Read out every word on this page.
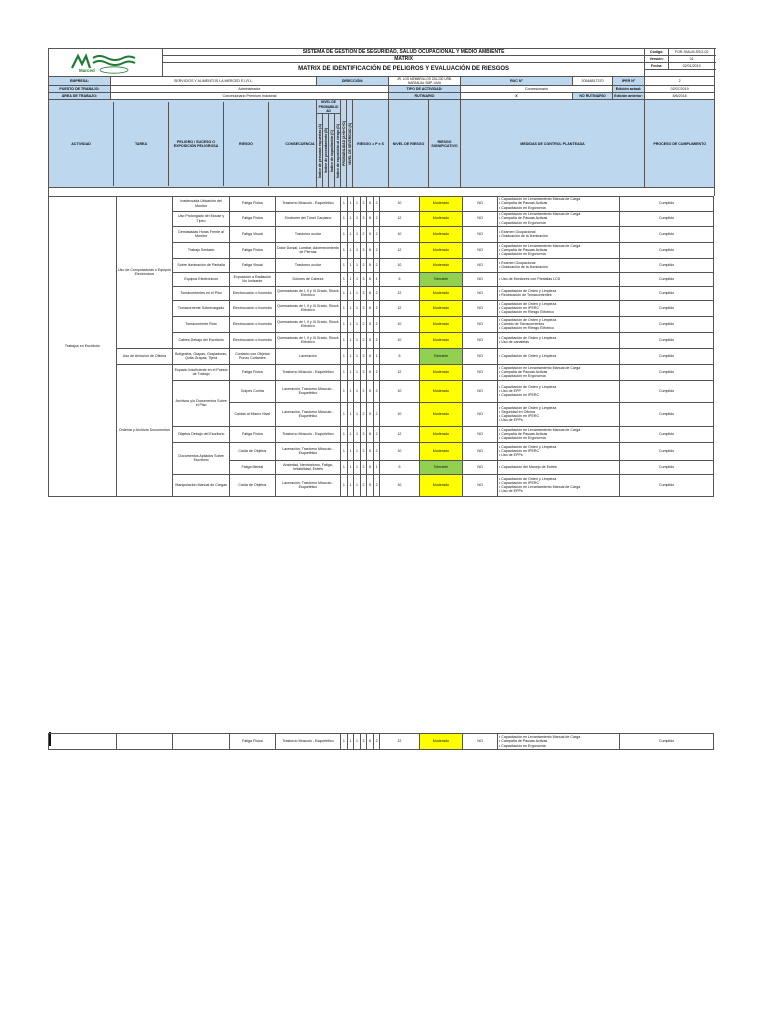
Marced
	SISTEMA DE GESTION DE SEGURIDAD, SALUD OCUPACIONAL Y MEDIO AMBIENTE	Código:	FOR-SIALM-SSO-02
MATRIX	Versión:	01
MATRIX DE IDENTIFICACIÓN DE PELIGROS Y EVALUACIÓN DE RIESGOS	Fecha:	02/01/2019

EMPRESA:	SERVICIOS Y ALIMENTOS LA MERCED E.I.R.L.	DIRECCIÓN:	JR. LOS MEMBRILLOS 226-230 URB. NARANJAL SMP. LIMA	RUC N°	20548817370	IPER N°	2
PUESTO DE TRABAJO:	Administrador	TIPO DE ACTIVIDAD:	Concesionario	Edición actual:	02/07/2019
ÁREA DE TRABAJO:	Concesionario Premium Industrial	RUTINARIO	X	NO RUTINARIO	Edición anterior:	8/6/2018

ACTIVIDAD	TAREA	PELIGRO / SUCESO O EXPOSICIÓN PELIGROSA	RIESGO	CONSECUENCIA
	NIVEL DE PROBABILIDAD	
PROBABILIDAD (A+B+C+D)	NIVEL DE SEVERIDAD (S)	RIESGO = P x S	NIVEL DE RIESGO	RIESGO SIGNIFICATIVO	MEDIDAS DE CONTROL PLANTEADA	PROCESO DE CUMPLIMIENTO

Índice de personas expuestas (A)	Índice de procedimiento (B)	Índice de capacitación (C)	Índice de exposición al riesgo (D)

Trabajos en Escritorio	Uso de Computadoras o Equipos Electrónicos	Inadecuada Ubicación del Monitor	Fatiga Física	Trastorno Músculo - Esquelético	1	1	1	2	5	2	10	Moderado	NO	• Capacitación en Levantamiento Manual de Carga
• Campaña de Pausas Activas
• Capacitación en Ergonomía	Cumplido
		Uso Prolongado del Mouse y Tipeo	Fatiga Física	Síndrome del Túnel Carpiano	1	1	1	3	6	2	12	Moderado	NO	• Capacitación en Levantamiento Manual de Carga
• Campaña de Pausas Activas
• Capacitación en Ergonomía	Cumplido
		Demasiadas Horas Frente al Monitor	Fatiga Visual	Trastorno ocular	1	1	1	2	5	2	10	Moderado	NO	• Examen Ocupacional
• Graduación de la Iluminación	Cumplido
		Trabajo Sentado	Fatiga Física	Dolor Dorsal, Lumbar, Adormecimiento de Piernas	1	1	1	3	6	2	12	Moderado	NO	• Capacitación en Levantamiento Manual de Carga
• Campaña de Pausas Activas
• Capacitación en Ergonomía	Cumplido
		Sobre iluminación de Pantalla	Fatiga Visual	Trastorno ocular	1	1	1	2	5	2	10	Moderado	NO	• Examen Ocupacional
• Graduación de la Iluminación	Cumplido
		Equipos Electrónicos	Exposición a Radiación No Ionizante	Dolores de Cabeza	1	1	1	3	6	1	6	Tolerable	NO	• Uso de Monitores con Pantallas LCD	Cumplido
		Tomacorrientes en el Piso	Electrocución o Incendio	Quemaduras de I, II y III Grado, Shock Eléctrico	1	1	1	3	6	2	12	Moderado	NO	• Capacitación de Orden y Limpieza
• Reubicación de Tomacorrientes	Cumplido
		Tomacorriente Sobrecargado	Electrocución o Incendio	Quemaduras de I, II y III Grado, Shock Eléctrico	1	1	1	3	6	2	12	Moderado	NO	• Capacitación de Orden y Limpieza
• Capacitación en IPERC
• Capacitación en Riesgo Eléctrico	Cumplido
		Tomacorriente Roto	Electrocución o Incendio	Quemaduras de I, II y III Grado, Shock Eléctrico	1	1	1	2	5	2	10	Moderado	NO	• Capacitación de Orden y Limpieza
• Cambio de Tomacorrientes
• Capacitación en Riesgo Eléctrico	Cumplido
		Cables Debajo del Escritorio	Electrocución o Incendio	Quemaduras de I, II y III Grado, Shock Eléctrico	1	1	1	2	5	2	10	Moderado	NO	• Capacitación de Orden y Limpieza
• Uso de canaletas	Cumplido
	Uso de Artículos de Oficina	Bolígrafos, Grapas, Grapadoras, Quita Grapas, Tijera	Contacto con Objetos Punzo Cortantes	Laceración	1	1	1	3	6	1	6	Tolerable	NO	• Capacitación de Orden y Limpieza	Cumplido
	Ordenar y Archivar Documentos	Espacio Insuficiente en el Puesto de Trabajo	Fatiga Física	Trastorno Músculo - Esquelético	1	1	1	3	6	2	12	Moderado	NO	• Capacitación en Levantamiento Manual de Carga
• Campaña de Pausas Activas
• Capacitación en Ergonomía	Cumplido
		Archivos y/o Documentos Sobre el Piso	Golpes Contra	Laceración, Trastorno Músculo - Esquelético	1	1	1	2	5	2	10	Moderado	NO	• Capacitación de Orden y Limpieza
• Uso de EPP
• Capacitación en IPERC	Cumplido
			Caídas al Mismo Nivel	Laceración, Trastorno Músculo - Esquelético	1	1	1	2	5	2	10	Moderado	NO	• Capacitación de Orden y Limpieza
• Seguridad en Oficina
• Capacitación en IPERC
• Uso de EPPs	Cumplido
		Objetos Debajo del Escritorio	Fatiga Física	Trastorno Músculo - Esquelético	1	1	1	3	6	2	12	Moderado	NO	• Capacitación en Levantamiento Manual de Carga
• Campaña de Pausas Activas
• Capacitación en Ergonomía	Cumplido
		Documentos Apilados Sobre Escritorio	Caída de Objetos	Laceración, Trastorno Músculo - Esquelético	1	1	1	2	5	2	10	Moderado	NO	• Capacitación de Orden y Limpieza
• Capacitación en IPERC
• Uso de EPPs	Cumplido
			Fatiga Mental	Ansiedad, Nerviosismo, Fatiga, Irritabilidad, Estrés	1	1	1	2	5	1	5	Tolerable	NO	• Capacitación del Manejo de Estrés	Cumplido
		Manipulación Manual de Cargas	Caída de Objetos	Laceración, Trastorno Músculo - Esquelético	1	1	1	2	5	2	10	Moderado	NO	• Capacitación de Orden y Limpieza
• Capacitación en IPERC
• Capacitación en Levantamiento Manual de Carga
• Uso de EPPs	Cumplido
			Fatiga Física	Trastorno Músculo - Esquelético	1	1	1	3	6	2	12	Moderado	NO	
• Capacitación en Levantamiento Manual de Carga
• Campaña de Pausas Activas
• Capacitación en Ergonomía
	Cumplido
